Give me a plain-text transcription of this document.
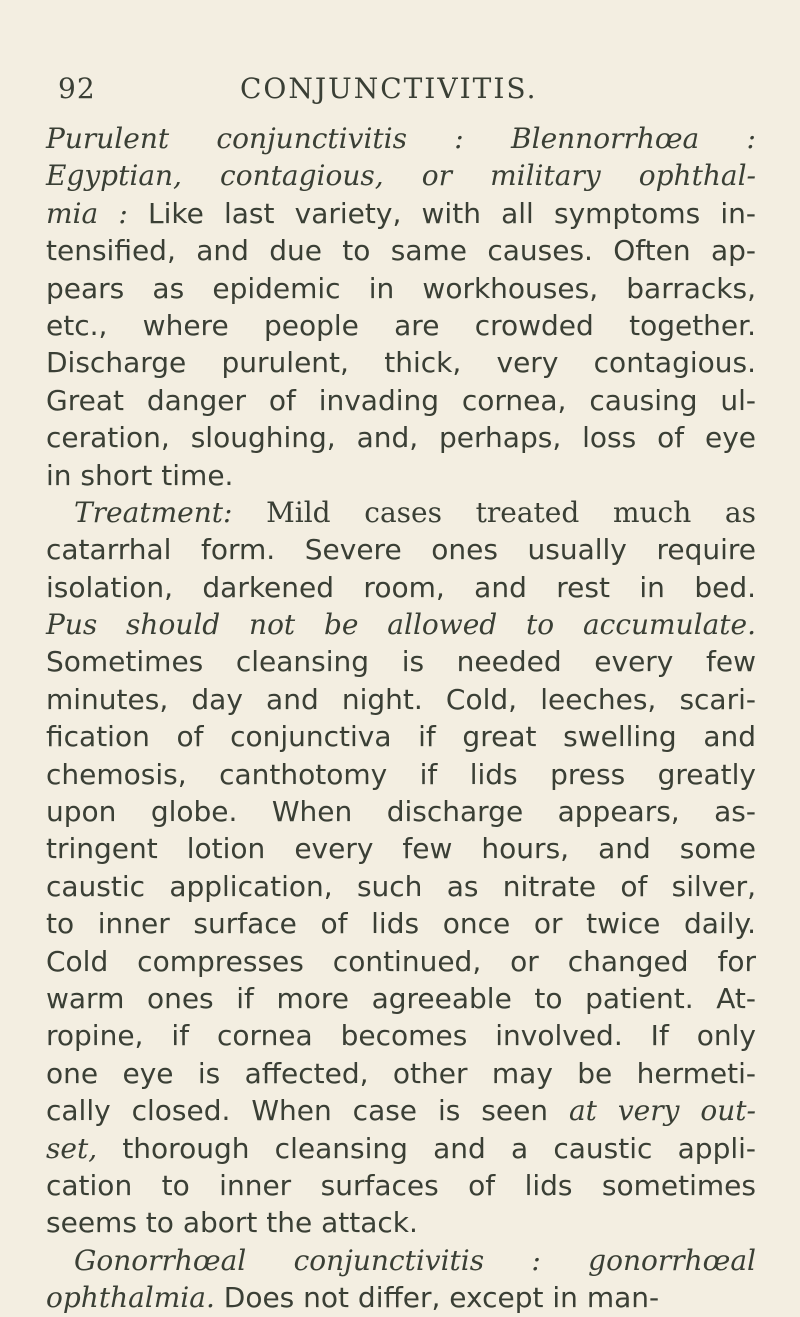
92	CONJUNCTIVITIS.
Purulent conjunctivitis : Blennorrhœa :
Egyptian, contagious, or military ophthal-
mia : Like last variety, with all symptoms in-
tensified, and due to same causes. Often ap-
pears as epidemic in workhouses, barracks,
etc., where people are crowded together.
Discharge purulent, thick, very contagious.
Great danger of invading cornea, causing ul-
ceration, sloughing, and, perhaps, loss of eye
in short time.
Treatment: Mild cases treated much as
catarrhal form. Severe ones usually require
isolation, darkened room, and rest in bed.
Pus should not be allowed to accumulate.
Sometimes cleansing is needed every few
minutes, day and night. Cold, leeches, scari-
fication of conjunctiva if great swelling and
chemosis, canthotomy if lids press greatly
upon globe. When discharge appears, as-
tringent lotion every few hours, and some
caustic application, such as nitrate of silver,
to inner surface of lids once or twice daily.
Cold compresses continued, or changed for
warm ones if more agreeable to patient. At-
ropine, if cornea becomes involved. If only
one eye is affected, other may be hermeti-
cally closed. When case is seen at very out-
set, thorough cleansing and a caustic appli-
cation to inner surfaces of lids sometimes
seems to abort the attack.
Gonorrhœal conjunctivitis : gonorrhœal
ophthalmia. Does not differ, except in man-
